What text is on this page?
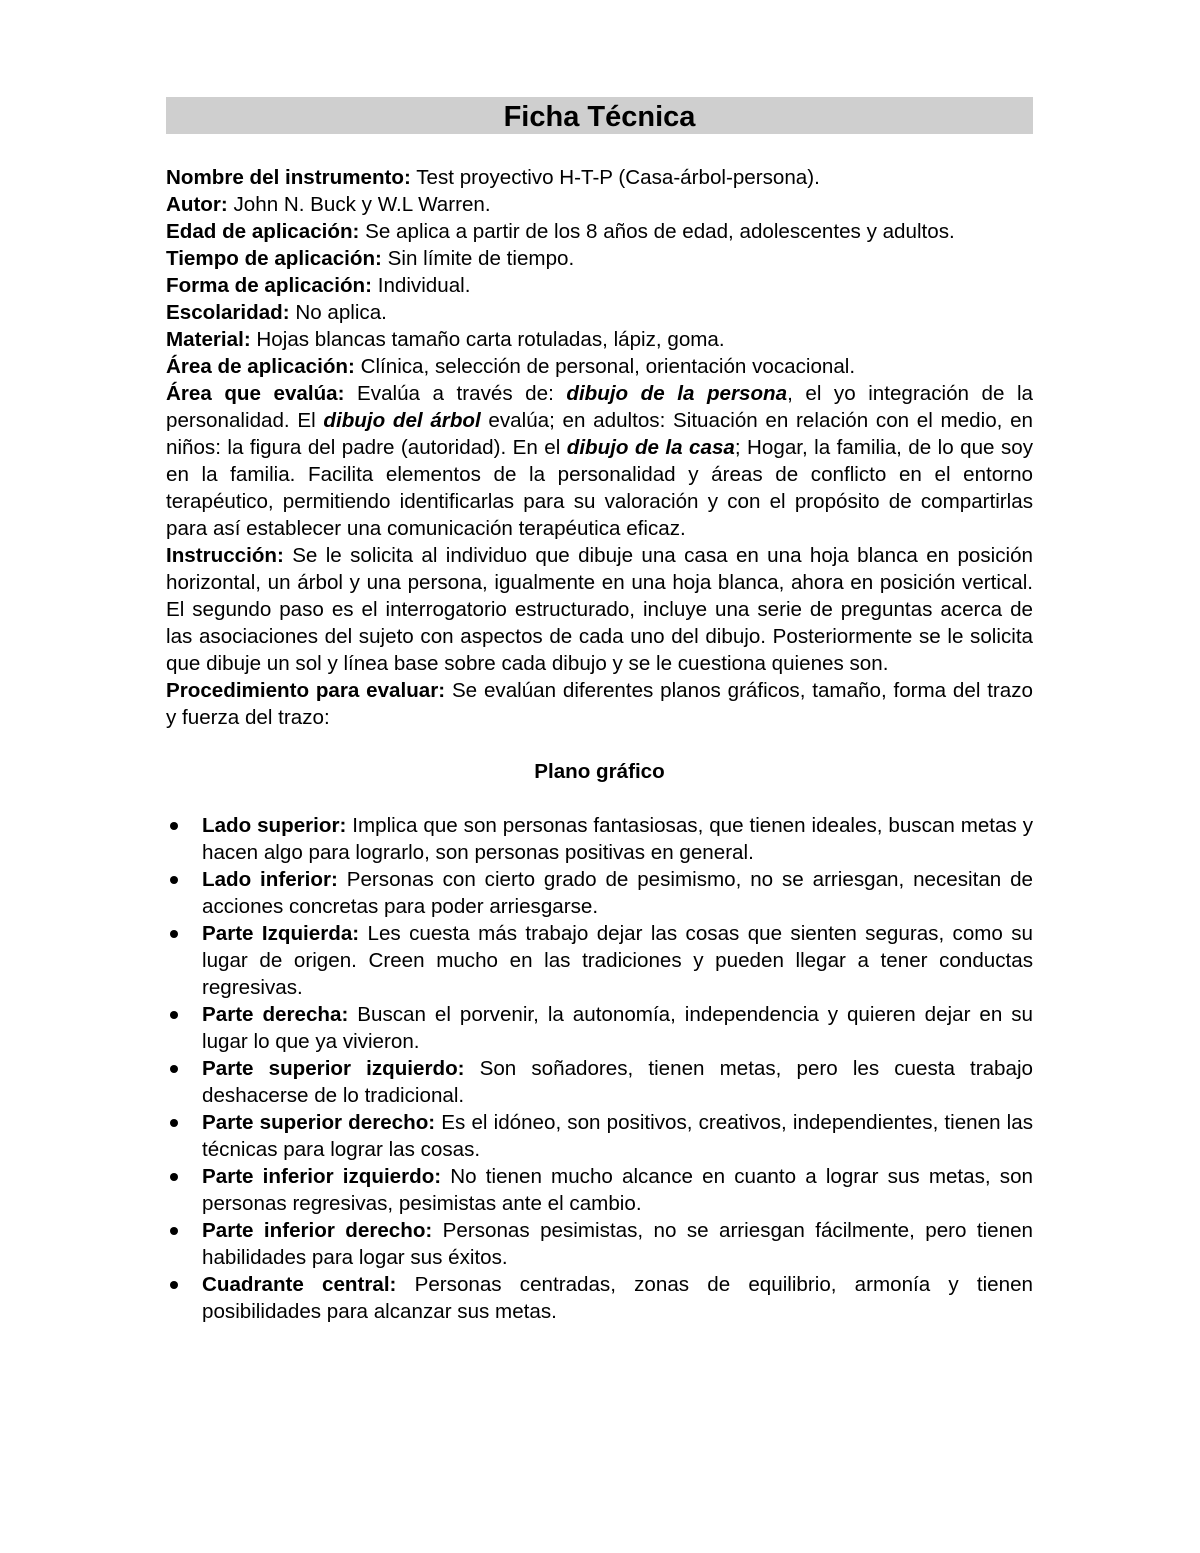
Ficha Técnica

Nombre del instrumento: Test proyectivo H-T-P (Casa-árbol-persona).

Autor: John N. Buck y W.L Warren.

Edad de aplicación: Se aplica a partir de los 8 años de edad, adolescentes y adultos.

Tiempo de aplicación: Sin límite de tiempo.

Forma de aplicación: Individual.

Escolaridad: No aplica.

Material: Hojas blancas tamaño carta rotuladas, lápiz, goma.

Área de aplicación: Clínica, selección de personal, orientación vocacional.

Área que evalúa: Evalúa a través de: dibujo de la persona, el yo integración de la personalidad. El dibujo del árbol evalúa; en adultos: Situación en relación con el medio, en niños: la figura del padre (autoridad). En el dibujo de la casa; Hogar, la familia, de lo que soy en la familia. Facilita elementos de la personalidad y áreas de conflicto en el entorno terapéutico, permitiendo identificarlas para su valoración y con el propósito de compartirlas para así establecer una comunicación terapéutica eficaz.

Instrucción: Se le solicita al individuo que dibuje una casa en una hoja blanca en posición horizontal, un árbol y una persona, igualmente en una hoja blanca, ahora en posición vertical. El segundo paso es el interrogatorio estructurado, incluye una serie de preguntas acerca de las asociaciones del sujeto con aspectos de cada uno del dibujo. Posteriormente se le solicita que dibuje un sol y línea base sobre cada dibujo y se le cuestiona quienes son.

Procedimiento para evaluar: Se evalúan diferentes planos gráficos, tamaño, forma del trazo y fuerza del trazo:

Plano gráfico
Lado superior: Implica que son personas fantasiosas, que tienen ideales, buscan metas y hacen algo para lograrlo, son personas positivas en general.
Lado inferior: Personas con cierto grado de pesimismo, no se arriesgan, necesitan de acciones concretas para poder arriesgarse.
Parte Izquierda: Les cuesta más trabajo dejar las cosas que sienten seguras, como su lugar de origen. Creen mucho en las tradiciones y pueden llegar a tener conductas regresivas.
Parte derecha: Buscan el porvenir, la autonomía, independencia y quieren dejar en su lugar lo que ya vivieron.
Parte superior izquierdo: Son soñadores, tienen metas, pero les cuesta trabajo deshacerse de lo tradicional.
Parte superior derecho: Es el idóneo, son positivos, creativos, independientes, tienen las técnicas para lograr las cosas.
Parte inferior izquierdo: No tienen mucho alcance en cuanto a lograr sus metas, son personas regresivas, pesimistas ante el cambio.
Parte inferior derecho: Personas pesimistas, no se arriesgan fácilmente, pero tienen habilidades para logar sus éxitos.
Cuadrante central: Personas centradas, zonas de equilibrio, armonía y tienen posibilidades para alcanzar sus metas.
